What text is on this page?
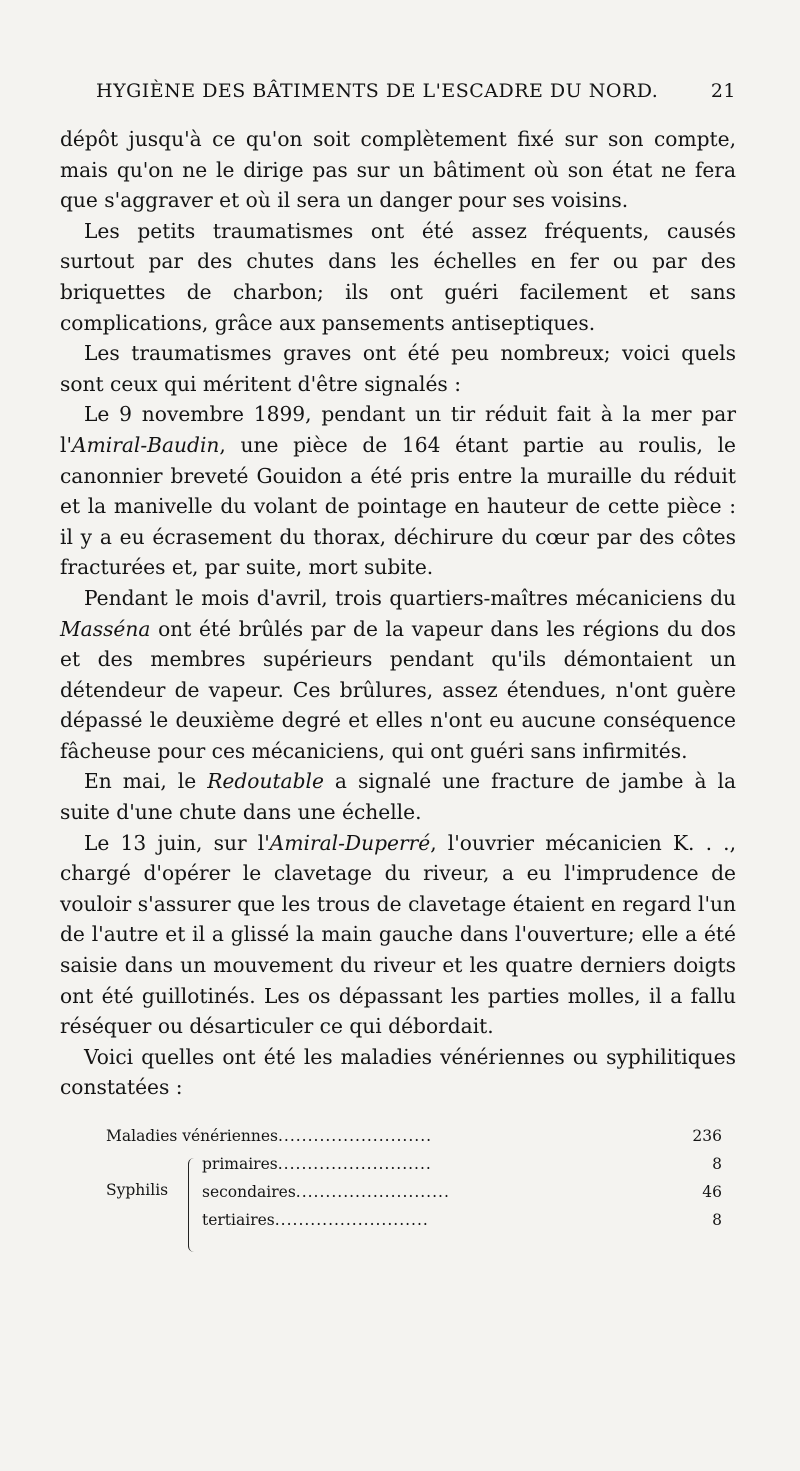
HYGIÈNE DES BÂTIMENTS DE L'ESCADRE DU NORD.	21

dépôt jusqu'à ce qu'on soit complètement fixé sur son compte, mais qu'on ne le dirige pas sur un bâtiment où son état ne fera que s'aggraver et où il sera un danger pour ses voisins.

Les petits traumatismes ont été assez fréquents, causés surtout par des chutes dans les échelles en fer ou par des briquettes de charbon; ils ont guéri facilement et sans complications, grâce aux pansements antiseptiques.

Les traumatismes graves ont été peu nombreux; voici quels sont ceux qui méritent d'être signalés :

Le 9 novembre 1899, pendant un tir réduit fait à la mer par l'Amiral-Baudin, une pièce de 164 étant partie au roulis, le canonnier breveté Gouidon a été pris entre la muraille du réduit et la manivelle du volant de pointage en hauteur de cette pièce : il y a eu écrasement du thorax, déchirure du cœur par des côtes fracturées et, par suite, mort subite.

Pendant le mois d'avril, trois quartiers-maîtres mécaniciens du Masséna ont été brûlés par de la vapeur dans les régions du dos et des membres supérieurs pendant qu'ils démontaient un détendeur de vapeur. Ces brûlures, assez étendues, n'ont guère dépassé le deuxième degré et elles n'ont eu aucune conséquence fâcheuse pour ces mécaniciens, qui ont guéri sans infirmités.

En mai, le Redoutable a signalé une fracture de jambe à la suite d'une chute dans une échelle.

Le 13 juin, sur l'Amiral-Duperré, l'ouvrier mécanicien K. . ., chargé d'opérer le clavetage du riveur, a eu l'imprudence de vouloir s'assurer que les trous de clavetage étaient en regard l'un de l'autre et il a glissé la main gauche dans l'ouverture; elle a été saisie dans un mouvement du riveur et les quatre derniers doigts ont été guillotinés. Les os dépassant les parties molles, il a fallu réséquer ou désarticuler ce qui débordait.

Voici quelles ont été les maladies vénériennes ou syphilitiques constatées :

Syphilis
Maladies vénériennes..........................	236
primaires..........................	8
secondaires..........................	46
tertiaires..........................	8
